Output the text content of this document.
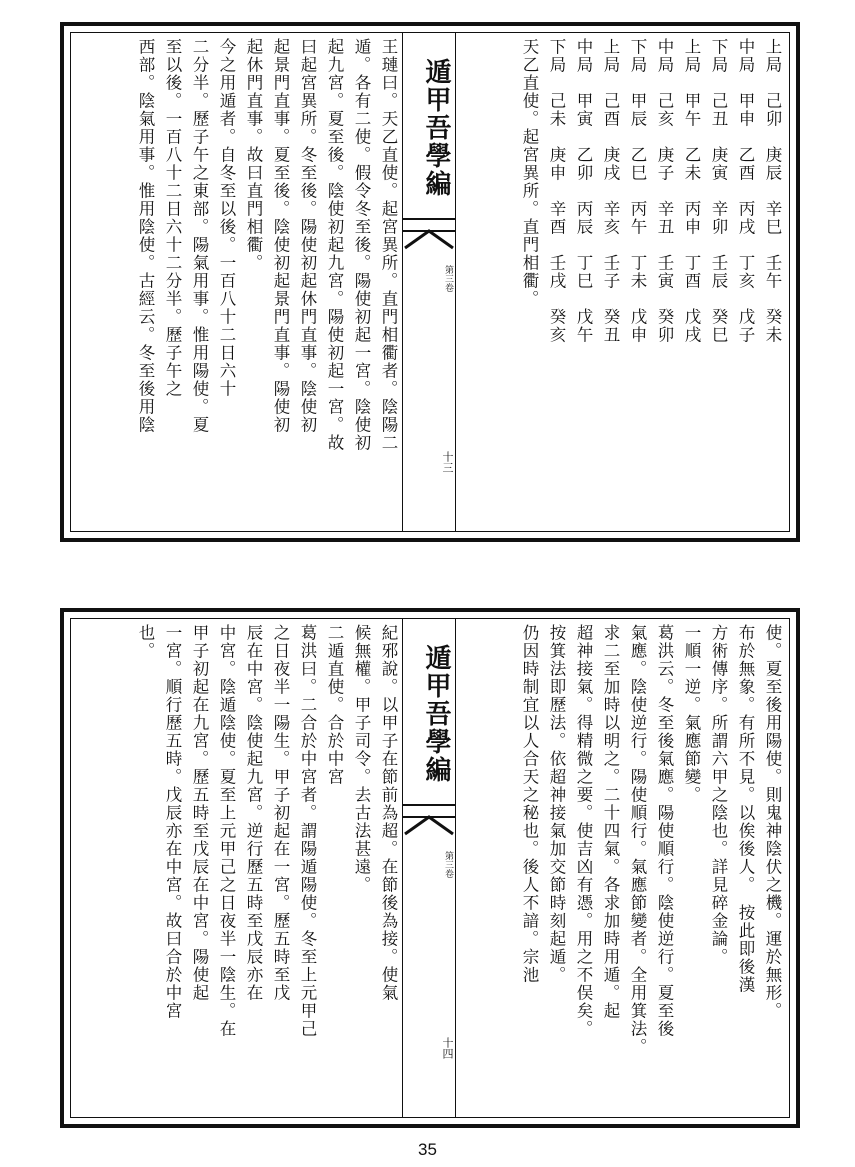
王璉曰。天乙直使。起宮異所。直門相衢者。陰陽二
遁。各有二使。假令冬至後。陽使初起一宮。陰使初
起九宮。夏至後。陰使初起九宮。陽使初起一宮。故
曰起宮異所。冬至後。陽使初起休門直事。陰使初
起景門直事。夏至後。陰使初起景門直事。陽使初
起休門直事。故曰直門相衢。
今之用遁者。自冬至以後。一百八十二日六十
二分半。歷子午之東部。陽氣用事。惟用陽使。夏
至以後。一百八十二日六十二分半。歷子午之
西部。陰氣用事。惟用陰使。古經云。冬至後用陰	遁甲吾學編
第三卷
十三
上局　己卯　庚辰　辛巳　壬午　癸未
中局　甲申　乙酉　丙戌　丁亥　戊子
下局　己丑　庚寅　辛卯　壬辰　癸巳
上局　甲午　乙未　丙申　丁酉　戊戌
中局　己亥　庚子　辛丑　壬寅　癸卯
下局　甲辰　乙巳　丙午　丁未　戊申
上局　己酉　庚戌　辛亥　壬子　癸丑
中局　甲寅　乙卯　丙辰　丁巳　戊午
下局　己未　庚申　辛酉　壬戌　癸亥
天乙直使。起宮異所。直門相衢。
紀邪說。以甲子在節前為超。在節後為接。使氣
候無權。甲子司令。去古法甚遠。
二遁直使。合於中宮
葛洪曰。二合於中宮者。謂陽遁陽使。冬至上元甲己
之日夜半一陽生。甲子初起在一宮。歷五時至戊
辰在中宮。陰使起九宮。逆行歷五時至戊辰亦在
中宮。陰遁陰使。夏至上元甲己之日夜半一陰生。在
甲子初起在九宮。歷五時至戊辰在中宮。陽使起
一宮。順行歷五時。戊辰亦在中宮。故曰合於中宮
也。
遁甲吾學編
第三卷
十四
使。夏至後用陽使。則鬼神陰伏之機。運於無形。
布於無象。有所不見。以俟後人。　按此即後漢
方術傳序。所謂六甲之陰也。詳見碎金論。
一順一逆。氣應節變。
葛洪云。冬至後氣應。陽使順行。陰使逆行。夏至後
氣應。陰使逆行。陽使順行。氣應節變者。全用箕法。
求二至加時以明之。二十四氣。各求加時用遁。起
超神接氣。得精微之要。使吉凶有憑。用之不俣矣。
按箕法即歷法。依超神接氣加交節時刻起遁。
仍因時制宜以人合天之秘也。後人不諳。宗池
35
